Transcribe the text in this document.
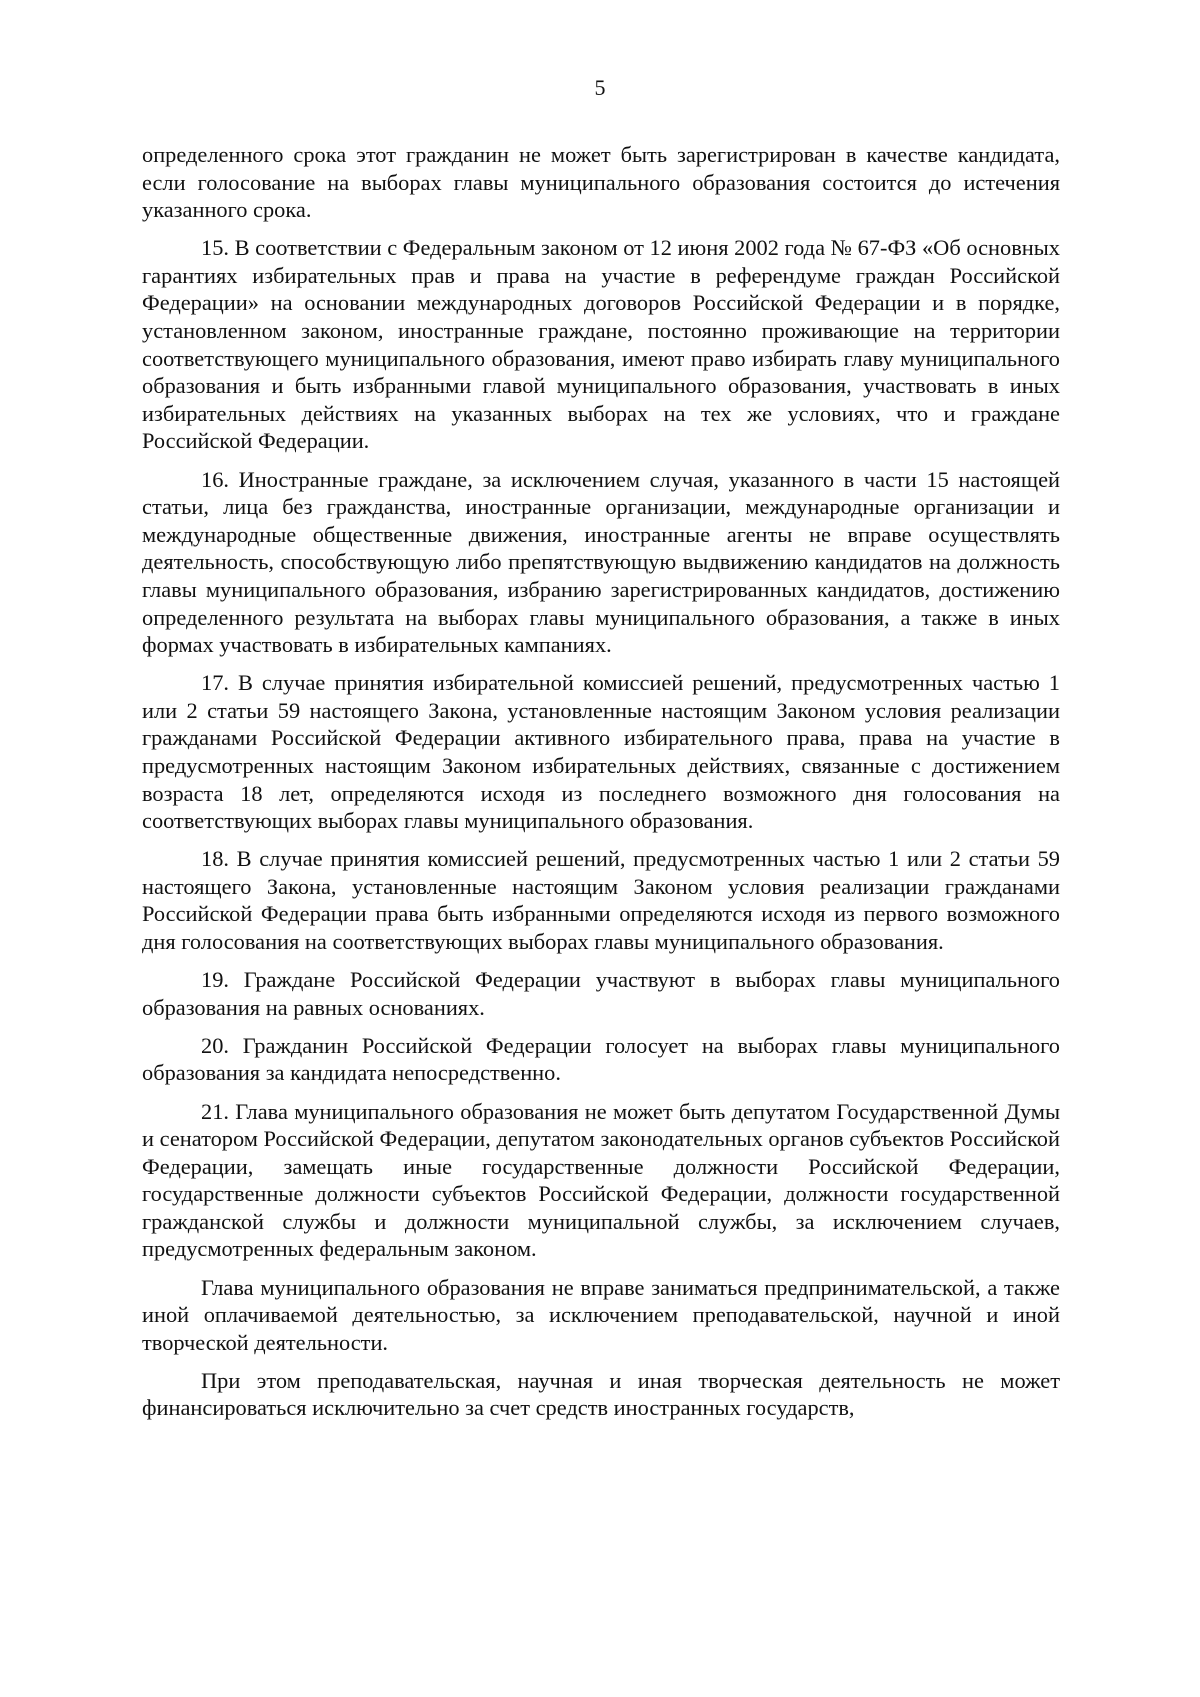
5

определенного срока этот гражданин не может быть зарегистрирован в качестве кандидата, если голосование на выборах главы муниципального образования состоится до истечения указанного срока.

15. В соответствии с Федеральным законом от 12 июня 2002 года № 67-ФЗ «Об основных гарантиях избирательных прав и права на участие в референдуме граждан Российской Федерации» на основании международных договоров Российской Федерации и в порядке, установленном законом, иностранные граждане, постоянно проживающие на территории соответствующего муниципального образования, имеют право избирать главу муниципального образования и быть избранными главой муниципального образования, участвовать в иных избирательных действиях на указанных выборах на тех же условиях, что и граждане Российской Федерации.

16. Иностранные граждане, за исключением случая, указанного в части 15 настоящей статьи, лица без гражданства, иностранные организации, международные организации и международные общественные движения, иностранные агенты не вправе осуществлять деятельность, способствующую либо препятствующую выдвижению кандидатов на должность главы муниципального образования, избранию зарегистрированных кандидатов, достижению определенного результата на выборах главы муниципального образования, а также в иных формах участвовать в избирательных кампаниях.

17. В случае принятия избирательной комиссией решений, предусмотренных частью 1 или 2 статьи 59 настоящего Закона, установленные настоящим Законом условия реализации гражданами Российской Федерации активного избирательного права, права на участие в предусмотренных настоящим Законом избирательных действиях, связанные с достижением возраста 18 лет, определяются исходя из последнего возможного дня голосования на соответствующих выборах главы муниципального образования.

18. В случае принятия комиссией решений, предусмотренных частью 1 или 2 статьи 59 настоящего Закона, установленные настоящим Законом условия реализации гражданами Российской Федерации права быть избранными определяются исходя из первого возможного дня голосования на соответствующих выборах главы муниципального образования.

19. Граждане Российской Федерации участвуют в выборах главы муниципального образования на равных основаниях.

20. Гражданин Российской Федерации голосует на выборах главы муниципального образования за кандидата непосредственно.

21. Глава муниципального образования не может быть депутатом Государственной Думы и сенатором Российской Федерации, депутатом законодательных органов субъектов Российской Федерации, замещать иные государственные должности Российской Федерации, государственные должности субъектов Российской Федерации, должности государственной гражданской службы и должности муниципальной службы, за исключением случаев, предусмотренных федеральным законом.

Глава муниципального образования не вправе заниматься предпринимательской, а также иной оплачиваемой деятельностью, за исключением преподавательской, научной и иной творческой деятельности.

При этом преподавательская, научная и иная творческая деятельность не может финансироваться исключительно за счет средств иностранных государств,
